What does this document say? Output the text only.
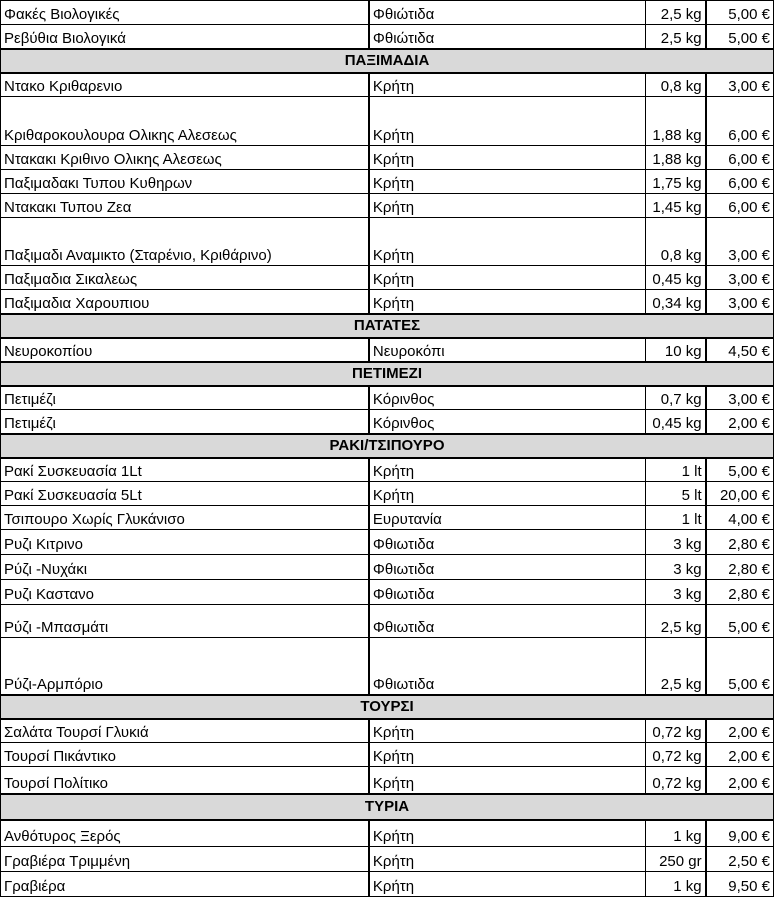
Φακές Βιολογικές	Φθιώτιδα	2,5 kg	5,00 €
Ρεβύθια Βιολογικά	Φθιώτιδα	2,5 kg	5,00 €
ΠΑΞΙΜΑΔΙΑ			
Ντακο Κριθαρενιο	Κρήτη	0,8 kg	3,00 €
Κριθαροκουλουρα Ολικης Αλεσεως	Κρήτη	1,88 kg	6,00 €
Ντακακι Κριθινο Ολικης Αλεσεως	Κρήτη	1,88 kg	6,00 €
Παξιμαδακι Τυπου Κυθηρων	Κρήτη	1,75 kg	6,00 €
Ντακακι Τυπου Ζεα	Κρήτη	1,45 kg	6,00 €
Παξιμαδι Αναμικτο (Σταρένιο, Κριθάρινο)	Κρήτη	0,8 kg	3,00 €
Παξιμαδια Σικαλεως	Κρήτη	0,45 kg	3,00 €
Παξιμαδια Χαρουπιου	Κρήτη	0,34 kg	3,00 €
ΠΑΤΑΤΕΣ			
Νευροκοπίου	Νευροκόπι	10 kg	4,50 €
ΠΕΤΙΜΕΖΙ			
Πετιμέζι	Κόρινθος	0,7 kg	3,00 €
Πετιμέζι	Κόρινθος	0,45 kg	2,00 €
ΡΑΚΙ/ΤΣΙΠΟΥΡΟ			
Ρακί Συσκευασία 1Lt	Κρήτη	1 lt	5,00 €
Ρακί Συσκευασία 5Lt	Κρήτη	5 lt	20,00 €
Τσιπουρο Χωρίς Γλυκάνισο	Ευρυτανία	1 lt	4,00 €
Ρυζι Κιτρινο	Φθιωτιδα	3 kg	2,80 €
Ρύζι -Νυχάκι	Φθιωτιδα	3 kg	2,80 €
Ρυζι Καστανο	Φθιωτιδα	3 kg	2,80 €
Ρύζι -Μπασμάτι	Φθιωτιδα	2,5 kg	5,00 €
Ρύζι-Αρμπόριο	Φθιωτιδα	2,5 kg	5,00 €
ΤΟΥΡΣΙ			
Σαλάτα Τουρσί Γλυκιά	Κρήτη	0,72 kg	2,00 €
Τουρσί Πικάντικο	Κρήτη	0,72 kg	2,00 €
Τουρσί Πολίτικο	Κρήτη	0,72 kg	2,00 €
ΤΥΡΙΑ			
Ανθότυρος Ξερός	Κρήτη	1 kg	9,00 €
Γραβιέρα Τριμμένη	Κρήτη	250 gr	2,50 €
Γραβιέρα	Κρήτη	1 kg	9,50 €
